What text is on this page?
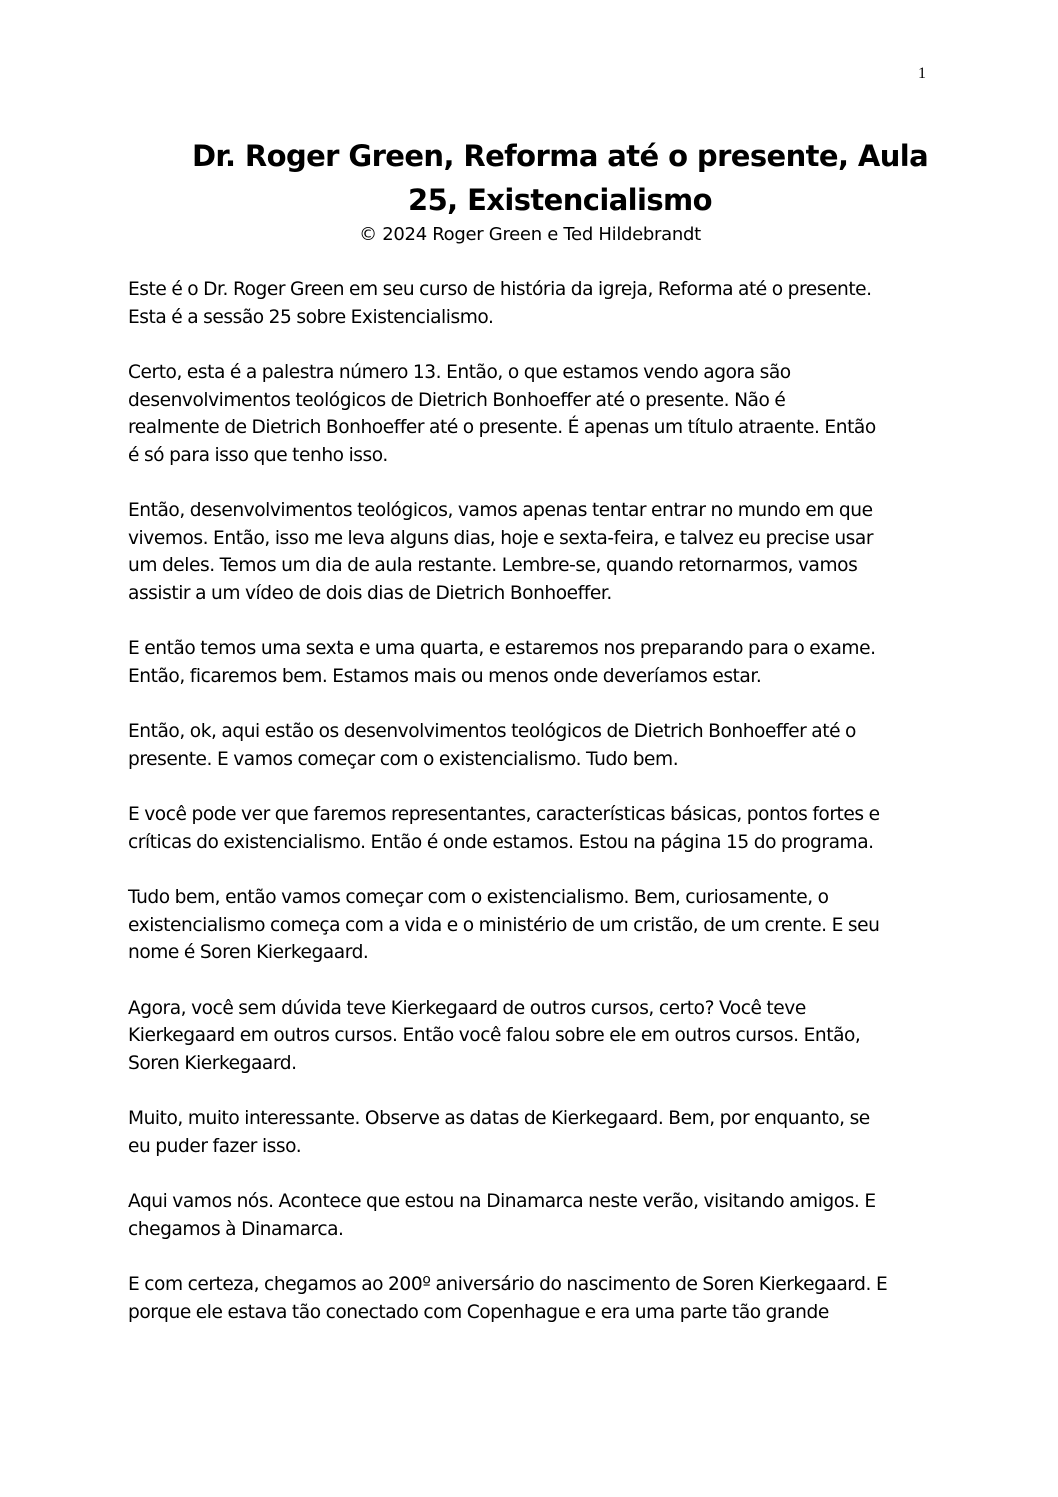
1
Dr. Roger Green, Reforma até o presente, Aula
25, Existencialismo
© 2024 Roger Green e Ted Hildebrandt

Este é o Dr. Roger Green em seu curso de história da igreja, Reforma até o presente.
Esta é a sessão 25 sobre Existencialismo.

Certo, esta é a palestra número 13. Então, o que estamos vendo agora são
desenvolvimentos teológicos de Dietrich Bonhoeffer até o presente. Não é
realmente de Dietrich Bonhoeffer até o presente. É apenas um título atraente. Então
é só para isso que tenho isso.

Então, desenvolvimentos teológicos, vamos apenas tentar entrar no mundo em que
vivemos. Então, isso me leva alguns dias, hoje e sexta-feira, e talvez eu precise usar
um deles. Temos um dia de aula restante. Lembre-se, quando retornarmos, vamos
assistir a um vídeo de dois dias de Dietrich Bonhoeffer.

E então temos uma sexta e uma quarta, e estaremos nos preparando para o exame.
Então, ficaremos bem. Estamos mais ou menos onde deveríamos estar.

Então, ok, aqui estão os desenvolvimentos teológicos de Dietrich Bonhoeffer até o
presente. E vamos começar com o existencialismo. Tudo bem.

E você pode ver que faremos representantes, características básicas, pontos fortes e
críticas do existencialismo. Então é onde estamos. Estou na página 15 do programa.

Tudo bem, então vamos começar com o existencialismo. Bem, curiosamente, o
existencialismo começa com a vida e o ministério de um cristão, de um crente. E seu
nome é Soren Kierkegaard.

Agora, você sem dúvida teve Kierkegaard de outros cursos, certo? Você teve
Kierkegaard em outros cursos. Então você falou sobre ele em outros cursos. Então,
Soren Kierkegaard.

Muito, muito interessante. Observe as datas de Kierkegaard. Bem, por enquanto, se
eu puder fazer isso.

Aqui vamos nós. Acontece que estou na Dinamarca neste verão, visitando amigos. E
chegamos à Dinamarca.

E com certeza, chegamos ao 200º aniversário do nascimento de Soren Kierkegaard. E
porque ele estava tão conectado com Copenhague e era uma parte tão grande
